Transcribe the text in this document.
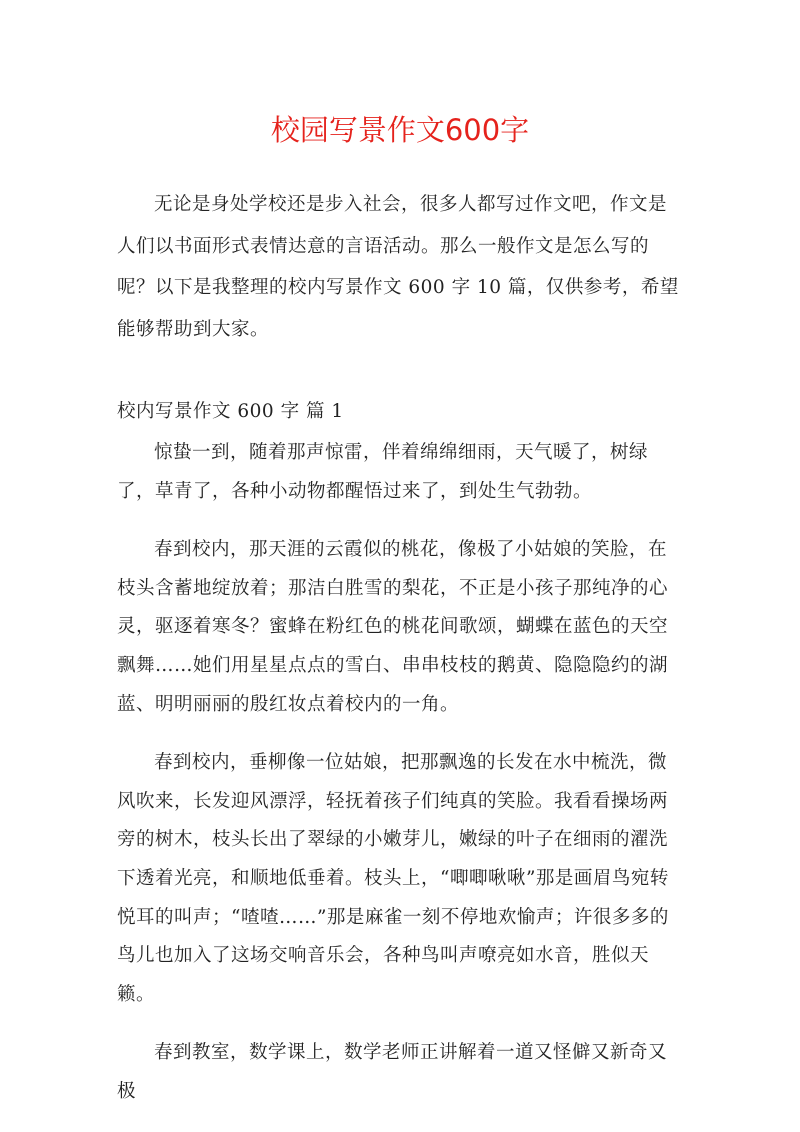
校园写景作文600字

无论是身处学校还是步入社会，很多人都写过作文吧，作文是人们以书面形式表情达意的言语活动。那么一般作文是怎么写的呢？以下是我整理的校内写景作文 600 字 10 篇，仅供参考，希望能够帮助到大家。

校内写景作文 600 字 篇 1

惊蛰一到，随着那声惊雷，伴着绵绵细雨，天气暖了，树绿了，草青了，各种小动物都醒悟过来了，到处生气勃勃。

春到校内，那天涯的云霞似的桃花，像极了小姑娘的笑脸，在枝头含蓄地绽放着；那洁白胜雪的梨花，不正是小孩子那纯净的心灵，驱逐着寒冬？蜜蜂在粉红色的桃花间歌颂，蝴蝶在蓝色的天空飘舞……她们用星星点点的雪白、串串枝枝的鹅黄、隐隐隐约的湖蓝、明明丽丽的殷红妆点着校内的一角。

春到校内，垂柳像一位姑娘，把那飘逸的长发在水中梳洗，微风吹来，长发迎风漂浮，轻抚着孩子们纯真的笑脸。我看看操场两旁的树木，枝头长出了翠绿的小嫩芽儿，嫩绿的叶子在细雨的濯洗下透着光亮，和顺地低垂着。枝头上，“唧唧啾啾”那是画眉鸟宛转悦耳的叫声；“喳喳……”那是麻雀一刻不停地欢愉声；许很多多的鸟儿也加入了这场交响音乐会，各种鸟叫声嘹亮如水音，胜似天籁。

春到教室，数学课上，数学老师正讲解着一道又怪僻又新奇又极
